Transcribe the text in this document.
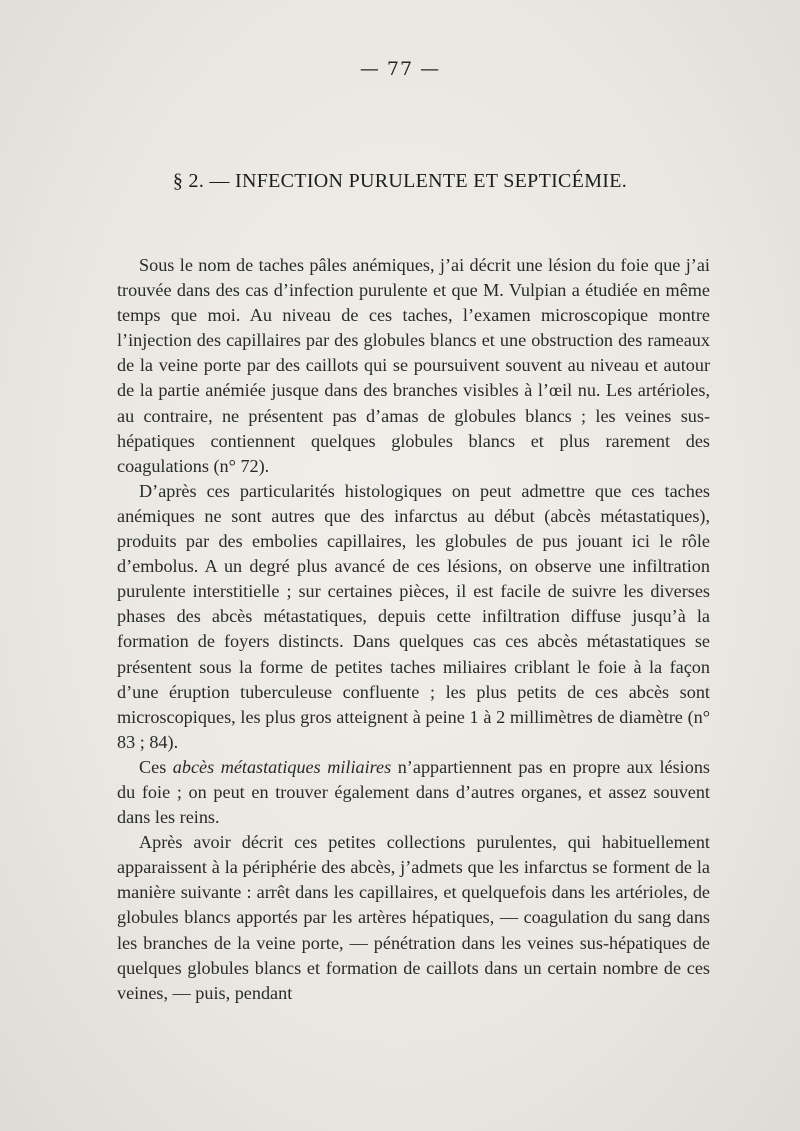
— 77 —
§ 2. — INFECTION PURULENTE ET SEPTICÉMIE.

Sous le nom de taches pâles anémiques, j’ai décrit une lésion du foie que j’ai trouvée dans des cas d’infection purulente et que M. Vulpian a étudiée en même temps que moi. Au niveau de ces taches, l’examen microscopique montre l’injection des capillaires par des globules blancs et une obstruction des rameaux de la veine porte par des caillots qui se poursuivent souvent au niveau et autour de la partie anémiée jusque dans des branches visibles à l’œil nu. Les artérioles, au contraire, ne présentent pas d’amas de globules blancs ; les veines sus-hépatiques contiennent quelques globules blancs et plus rarement des coagulations (n° 72).

D’après ces particularités histologiques on peut admettre que ces taches anémiques ne sont autres que des infarctus au début (abcès métastatiques), produits par des embolies capillaires, les globules de pus jouant ici le rôle d’embolus. A un degré plus avancé de ces lésions, on observe une infiltration purulente interstitielle ; sur certaines pièces, il est facile de suivre les diverses phases des abcès métastatiques, depuis cette infiltration diffuse jusqu’à la formation de foyers distincts. Dans quelques cas ces abcès métastatiques se présentent sous la forme de petites taches miliaires criblant le foie à la façon d’une éruption tuberculeuse confluente ; les plus petits de ces abcès sont microscopiques, les plus gros atteignent à peine 1 à 2 millimètres de diamètre (n° 83 ; 84).

Ces abcès métastatiques miliaires n’appartiennent pas en propre aux lésions du foie ; on peut en trouver également dans d’autres organes, et assez souvent dans les reins.

Après avoir décrit ces petites collections purulentes, qui habituellement apparaissent à la périphérie des abcès, j’admets que les infarctus se forment de la manière suivante : arrêt dans les capillaires, et quelquefois dans les artérioles, de globules blancs apportés par les artères hépatiques, — coagulation du sang dans les branches de la veine porte, — pénétration dans les veines sus-hépatiques de quelques globules blancs et formation de caillots dans un certain nombre de ces veines, — puis, pendant
